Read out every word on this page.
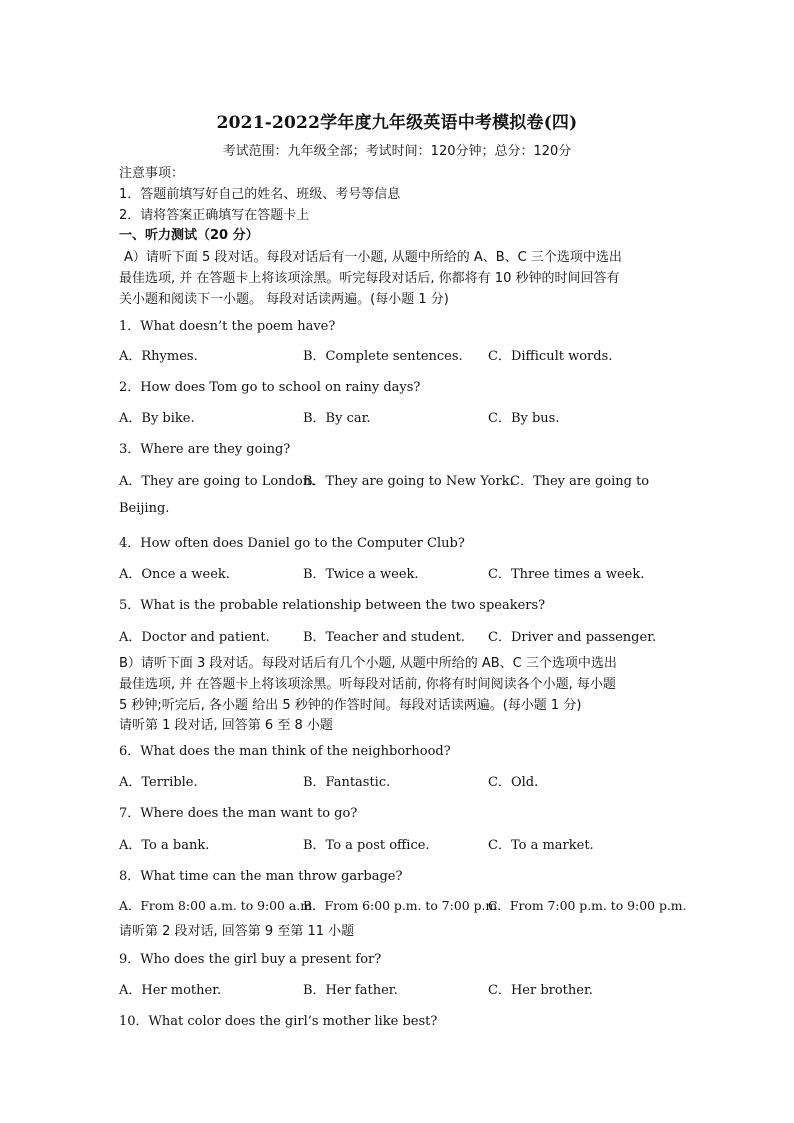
2021-2022学年度九年级英语中考模拟卷(四)
考试范围：九年级全部；考试时间：120分钟；总分：120分
注意事项：
1．答题前填写好自己的姓名、班级、考号等信息
2．请将答案正确填写在答题卡上
一、听力测试（20 分）
A）请听下面 5 段对话。每段对话后有一小题, 从题中所给的 A、B、C 三个选项中选出
最佳选项, 并 在答题卡上将该项涂黑。听完每段对话后, 你都将有 10 秒钟的时间回答有
关小题和阅读下一小题。 每段对话读两遍。(每小题 1 分)
1．What doesn’t the poem have?
A．Rhymes.	B．Complete sentences. C．Difficult words.
2．How does Tom go to school on rainy days?
A．By bike.	B．By car.	C．By bus.
3．Where are they going?
A．They are going to London.
B．They are going to New York.
C．They are going to
Beijing.
4．How often does Daniel go to the Computer Club?
A．Once a week.	B．Twice a week.	C．Three times a week.
5．What is the probable relationship between the two speakers?
A．Doctor and patient.	B．Teacher and student. C．Driver and passenger.
B）请听下面 3 段对话。每段对话后有几个小题, 从题中所给的 AB、C 三个选项中选出
最佳选项, 并 在答题卡上将该项涂黑。听每段对话前, 你将有时间阅读各个小题, 每小题
5 秒钟;听完后, 各小题 给出 5 秒钟的作答时间。每段对话读两遍。(每小题 1 分)
请听第 1 段对话, 回答第 6 至 8 小题
6．What does the man think of the neighborhood?
A．Terrible.	B．Fantastic.	C．Old.
7．Where does the man want to go?
A．To a bank.	B．To a post office.	C．To a market.
8．What time can the man throw garbage?
A．From 8:00 a.m. to 9:00 a.m.
B．From 6:00 p.m. to 7:00 p.m.
C．From 7:00 p.m. to 9:00 p.m.
请听第 2 段对话, 回答第 9 至第 11 小题
9．Who does the girl buy a present for?
A．Her mother.	B．Her father.	C．Her brother.
10．What color does the girl’s mother like best?
